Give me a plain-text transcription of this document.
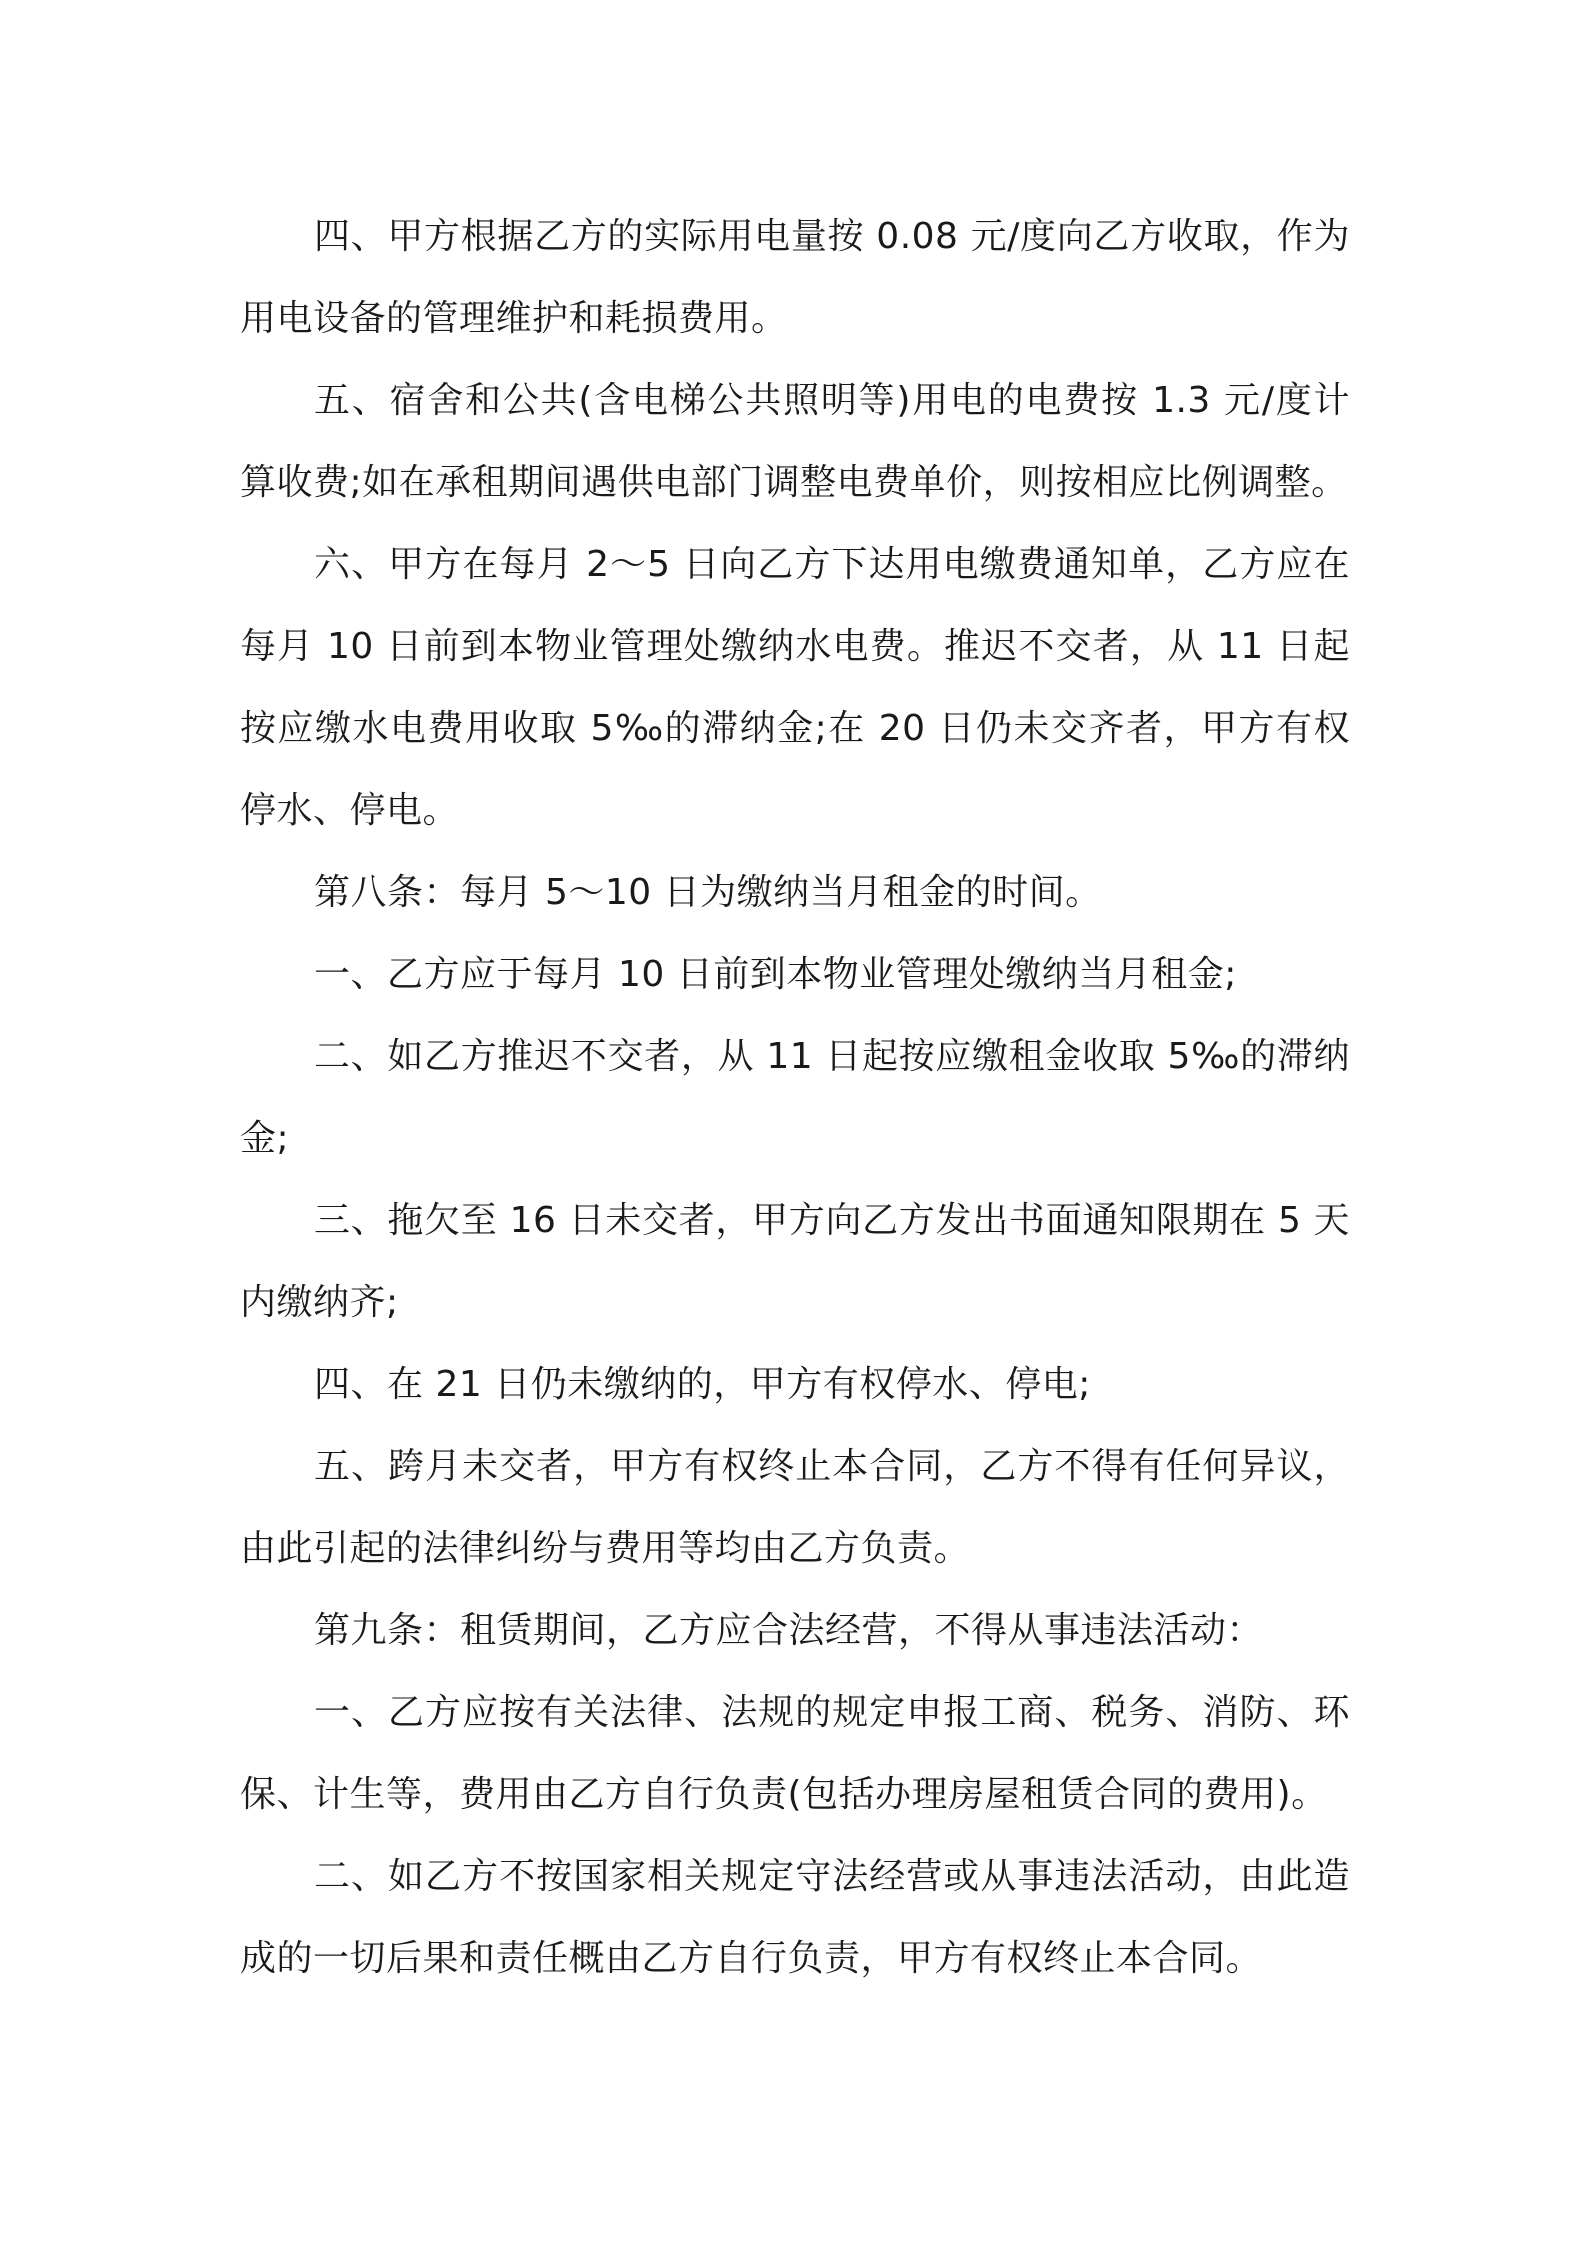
四、甲方根据乙方的实际用电量按 0.08 元/度向乙方收取，作为用电设备的管理维护和耗损费用。

五、宿舍和公共(含电梯公共照明等)用电的电费按 1.3 元/度计算收费;如在承租期间遇供电部门调整电费单价，则按相应比例调整。

六、甲方在每月 2～5 日向乙方下达用电缴费通知单，乙方应在每月 10 日前到本物业管理处缴纳水电费。推迟不交者，从 11 日起按应缴水电费用收取 5‰的滞纳金;在 20 日仍未交齐者，甲方有权停水、停电。

第八条：每月 5～10 日为缴纳当月租金的时间。

一、乙方应于每月 10 日前到本物业管理处缴纳当月租金;

二、如乙方推迟不交者，从 11 日起按应缴租金收取 5‰的滞纳金;

三、拖欠至 16 日未交者，甲方向乙方发出书面通知限期在 5 天内缴纳齐;

四、在 21 日仍未缴纳的，甲方有权停水、停电;

五、跨月未交者，甲方有权终止本合同，乙方不得有任何异议，由此引起的法律纠纷与费用等均由乙方负责。

第九条：租赁期间，乙方应合法经营，不得从事违法活动：

一、乙方应按有关法律、法规的规定申报工商、税务、消防、环保、计生等，费用由乙方自行负责(包括办理房屋租赁合同的费用)。

二、如乙方不按国家相关规定守法经营或从事违法活动，由此造成的一切后果和责任概由乙方自行负责，甲方有权终止本合同。
